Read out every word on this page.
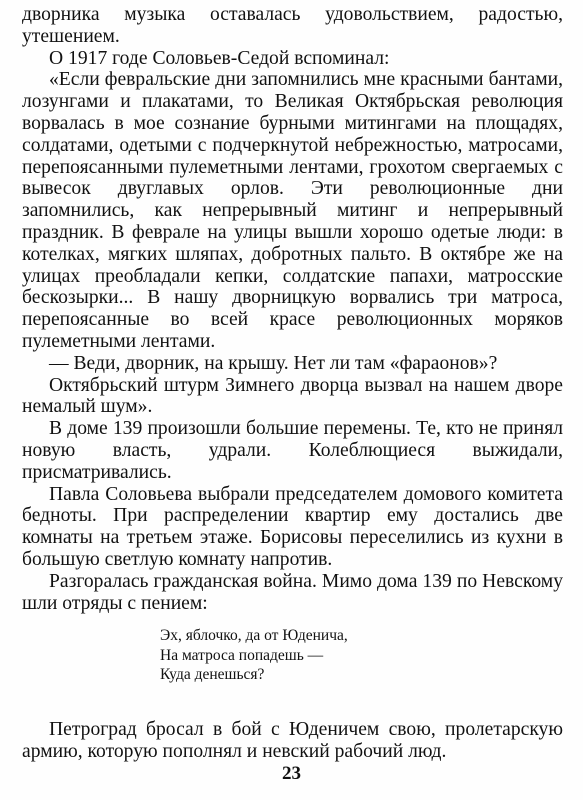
дворника музыка оставалась удовольствием, радостью, утешением.

О 1917 годе Соловьев-Седой вспоминал:

«Если февральские дни запомнились мне красными бантами, лозунгами и плакатами, то Великая Октябрьская революция ворвалась в мое сознание бурными митингами на площадях, солдатами, одетыми с подчеркнутой небрежностью, матросами, перепоясанными пулеметными лентами, грохотом свергаемых с вывесок двуглавых орлов. Эти революционные дни запомнились, как непрерывный митинг и непрерывный праздник. В феврале на улицы вышли хорошо одетые люди: в котелках, мягких шляпах, добротных пальто. В октябре же на улицах преобладали кепки, солдатские папахи, матросские бескозырки... В нашу дворницкую ворвались три матроса, перепоясанные во всей красе революционных моряков пулеметными лентами.

— Веди, дворник, на крышу. Нет ли там «фараонов»?

Октябрьский штурм Зимнего дворца вызвал на нашем дворе немалый шум».

В доме 139 произошли большие перемены. Те, кто не принял новую власть, удрали. Колеблющиеся выжидали, присматривались.

Павла Соловьева выбрали председателем домового комитета бедноты. При распределении квартир ему достались две комнаты на третьем этаже. Борисовы переселились из кухни в большую светлую комнату напротив.

Разгоралась гражданская война. Мимо дома 139 по Невскому шли отряды с пением:

Эх, яблочко, да от Юденича,
На матроса попадешь —
Куда денешься?

Петроград бросал в бой с Юденичем свою, пролетарскую армию, которую пополнял и невский рабочий люд.

23
